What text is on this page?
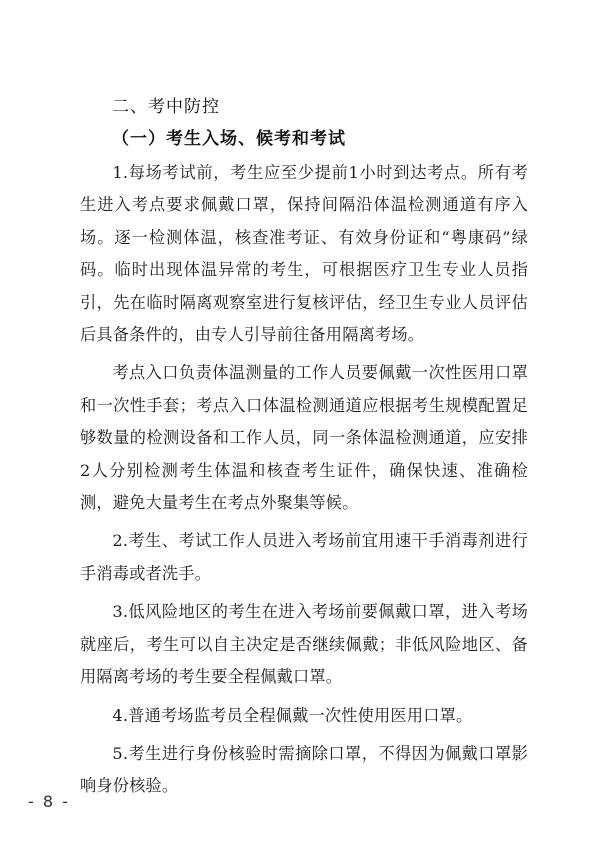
二、考中防控
（一）考生入场、候考和考试

1.每场考试前，考生应至少提前1小时到达考点。所有考生进入考点要求佩戴口罩，保持间隔沿体温检测通道有序入场。逐一检测体温，核查准考证、有效身份证和“粤康码”绿码。临时出现体温异常的考生，可根据医疗卫生专业人员指引，先在临时隔离观察室进行复核评估，经卫生专业人员评估后具备条件的，由专人引导前往备用隔离考场。

考点入口负责体温测量的工作人员要佩戴一次性医用口罩和一次性手套；考点入口体温检测通道应根据考生规模配置足够数量的检测设备和工作人员，同一条体温检测通道，应安排2人分别检测考生体温和核查考生证件，确保快速、准确检测，避免大量考生在考点外聚集等候。

2.考生、考试工作人员进入考场前宜用速干手消毒剂进行手消毒或者洗手。

3.低风险地区的考生在进入考场前要佩戴口罩，进入考场就座后，考生可以自主决定是否继续佩戴；非低风险地区、备用隔离考场的考生要全程佩戴口罩。

4.普通考场监考员全程佩戴一次性使用医用口罩。

5.考生进行身份核验时需摘除口罩，不得因为佩戴口罩影响身份核验。

- 8 -
